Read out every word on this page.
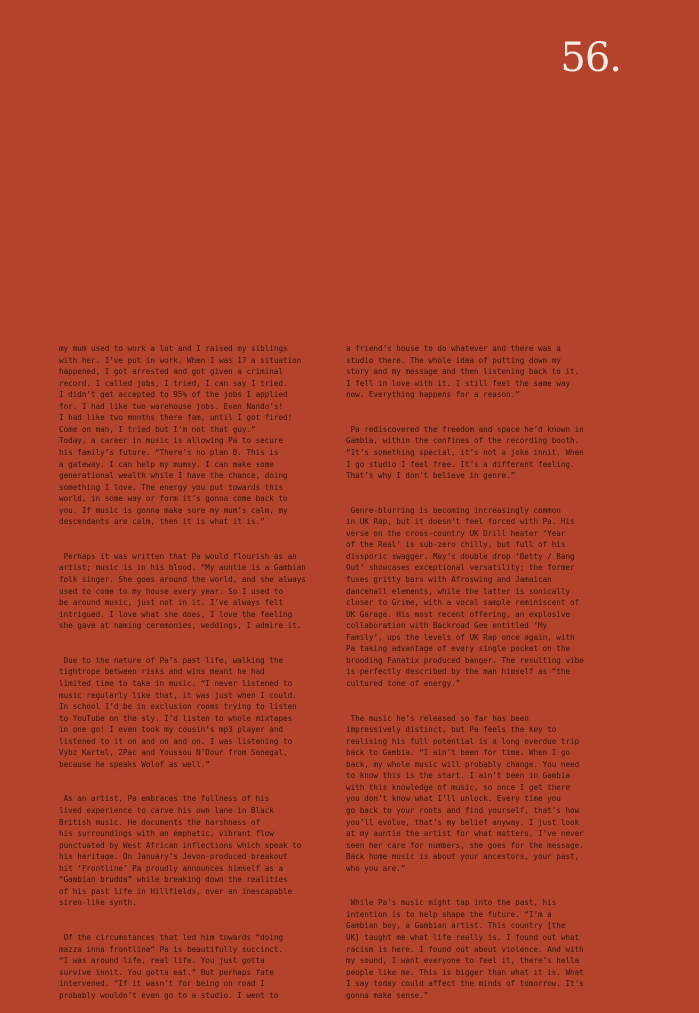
56.

my mum used to work a lot and I raised my siblings
with her. I’ve put in work. When I was 17 a situation
happened, I got arrested and got given a criminal
record. I called jobs, I tried, I can say I tried.
I didn’t get accepted to 95% of the jobs I applied
for. I had like two warehouse jobs. Even Nando’s!
I had like two months there fam, until I got fired!
Come on man, I tried but I’m not that guy.”
Today, a career in music is allowing Pa to secure
his family’s future. “There’s no plan B. This is
a gateway. I can help my mumsy. I can make some
generational wealth while I have the chance, doing
something I love. The energy you put towards this
world, in some way or form it’s gonna come back to
you. If music is gonna make sure my mum’s calm, my
descendants are calm, then it is what it is.”

Perhaps it was written that Pa would flourish as an
artist; music is in his blood. “My auntie is a Gambian
folk singer. She goes around the world, and she always
used to come to my house every year. So I used to
be around music, just not in it. I’ve always felt
intrigued. I love what she does, I love the feeling
she gave at naming ceremonies, weddings, I admire it.

Due to the nature of Pa’s past life, walking the
tightrope between risks and wins meant he had
limited time to take in music. “I never listened to
music regularly like that, it was just when I could.
In school I’d be in exclusion rooms trying to listen
to YouTube on the sly. I’d listen to whole mixtapes
in one go! I even took my cousin’s mp3 player and
listened to it on and on and on. I was listening to
Vybz Kartel, 2Pac and Youssou N’Dour from Senegal,
because he speaks Wolof as well.”

As an artist, Pa embraces the fullness of his
lived experience to carve his own lane in Black
British music. He documents the harshness of
his surroundings with an emphatic, vibrant flow
punctuated by West African inflections which speak to
his heritage. On January’s Jevon-produced breakout
hit ‘Frontline’ Pa proudly announces himself as a
“Gambian brudda” while breaking down the realities
of his past life in Hillfields, over an inescapable
siren-like synth.

Of the circumstances that led him towards “doing
mazza inna frontline” Pa is beautifully succinct.
“I was around life, real life. You just gotta
survive innit. You gotta eat.” But perhaps fate
intervened. “If it wasn’t for being on road I
probably wouldn’t even go to a studio. I went to

a friend’s house to do whatever and there was a
studio there. The whole idea of putting down my
story and my message and then listening back to it.
I fell in love with it. I still feel the same way
now. Everything happens for a reason.”

Pa rediscovered the freedom and space he’d known in
Gambia, within the confines of the recording booth.
“It’s something special, it’s not a joke innit. When
I go studio I feel free. It’s a different feeling.
That’s why I don’t believe in genre.”

Genre-blurring is becoming increasingly common
in UK Rap, but it doesn’t feel forced with Pa. His
verse on the cross-country UK Drill heater ‘Year
of the Real’ is sub-zero chilly, but full of his
dissporic swagger. May’s double drop ‘Betty / Bang
Out’ showcases exceptional versatility; the former
fuses gritty bars with Afroswing and Jamaican
dancehall elements, while the latter is sonically
closer to Grime, with a vocal sample reminiscent of
UK Garage. His most recent offering, an explosive
collaboration with Backroad Gee entitled ‘My
Family’, ups the levels of UK Rap once again, with
Pa taking advantage of every single pocket on the
brooding Fanatix produced banger. The resulting vibe
is perfectly described by the man himself as “the
cultured tone of energy.”

The music he’s released so far has been
impressively distinct, but Pa feels the key to
realising his full potential is a long overdue trip
back to Gambia. “I ain’t been for time. When I go
back, my whole music will probably change. You need
to know this is the start. I ain’t been in Gambia
with this knowledge of music, so once I get there
you don’t know what I’ll unlock. Every time you
go back to your roots and find yourself, that’s how
you’ll evolve, that’s my belief anyway. I just look
at my auntie the artist for what matters, I’ve never
seen her care for numbers, she goes for the message.
Back home music is about your ancestors, your past,
who you are.”

While Pa’s music might tap into the past, his
intention is to help shape the future. “I’m a
Gambian boy, a Gambian artist. This country [the
UK] taught me what life really is. I found out what
racism is here. I found out about violence. And with
my sound, I want everyone to feel it, there’s hella
people like me. This is bigger than what it is. What
I say today could affect the minds of tomorrow. It’s
gonna make sense.”
